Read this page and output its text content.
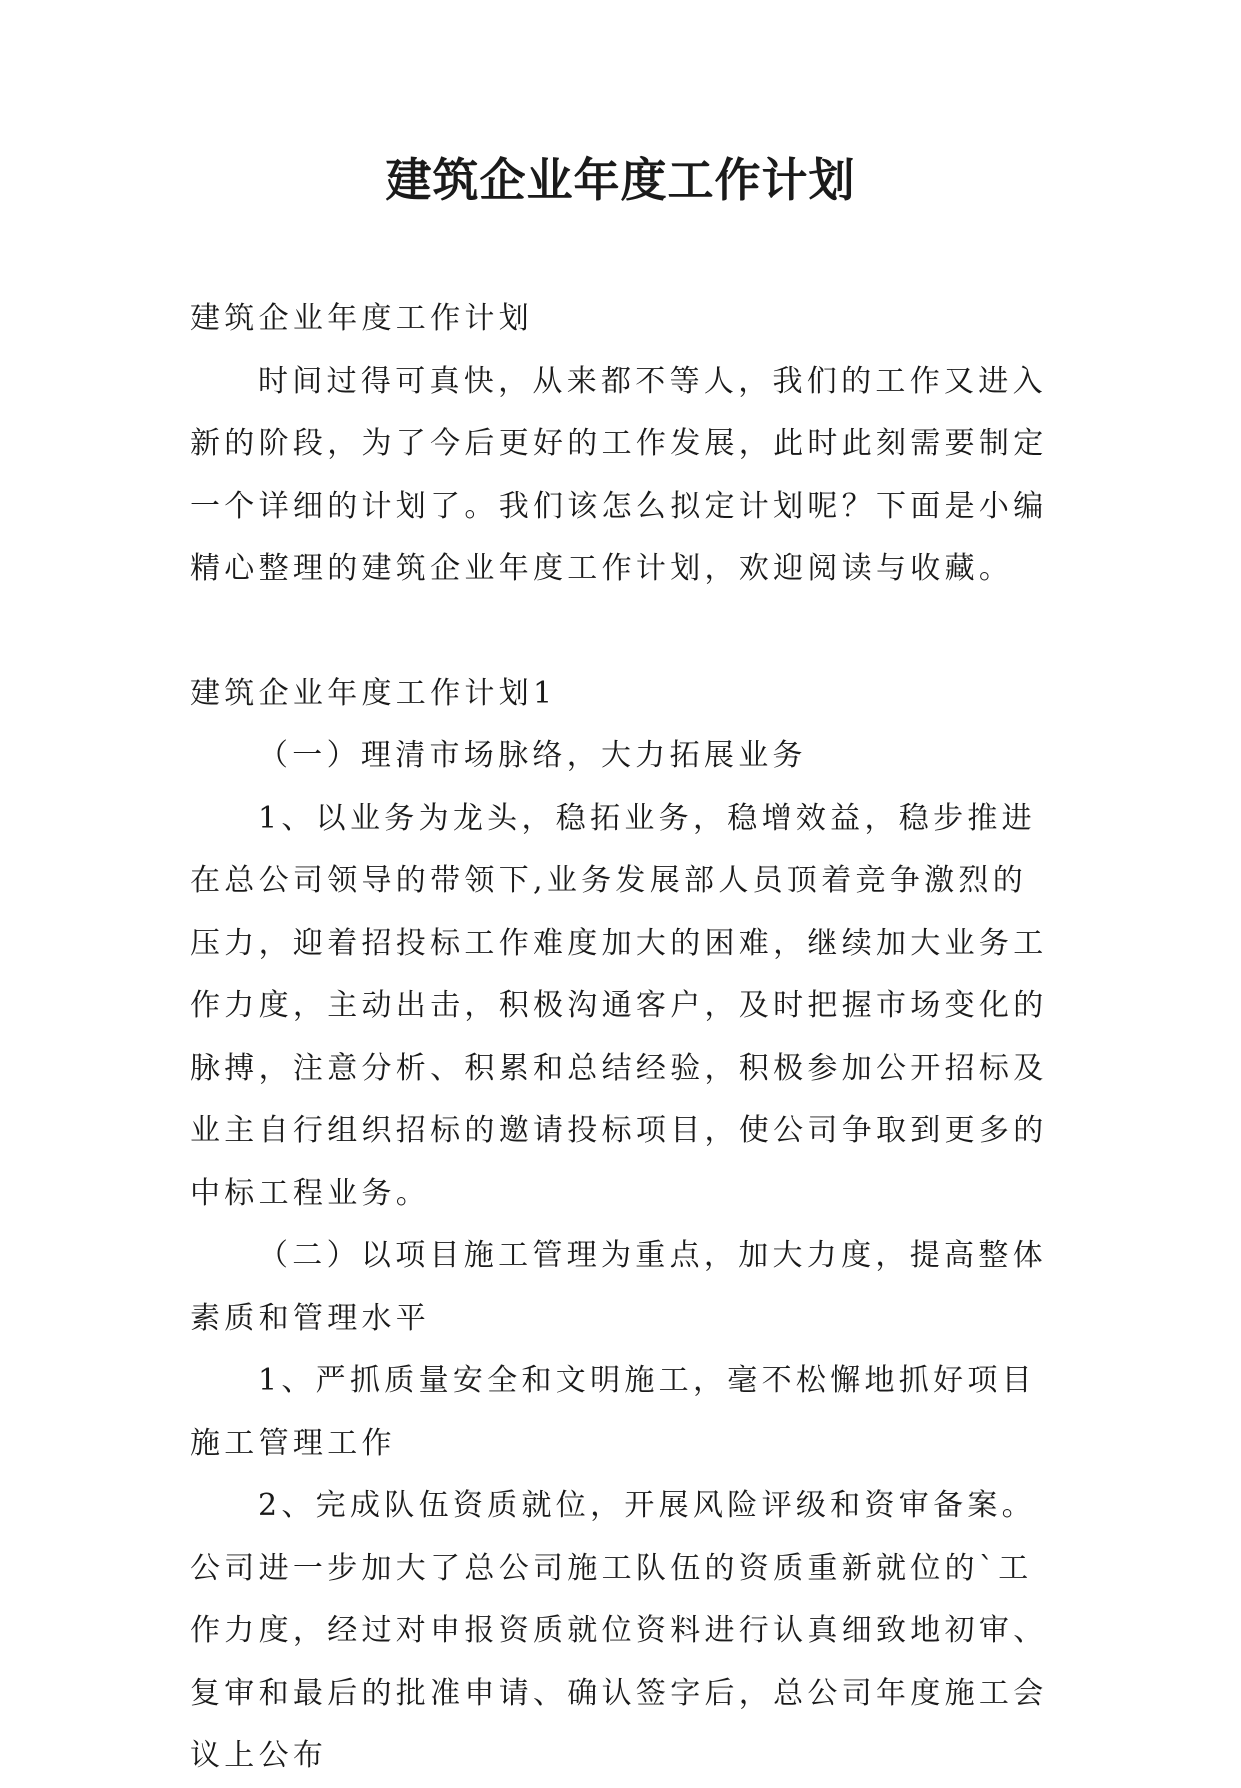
建筑企业年度工作计划

建筑企业年度工作计划

时间过得可真快，从来都不等人，我们的工作又进入新的阶段，为了今后更好的工作发展，此时此刻需要制定一个详细的计划了。我们该怎么拟定计划呢？下面是小编精心整理的建筑企业年度工作计划，欢迎阅读与收藏。

建筑企业年度工作计划1

（一）理清市场脉络，大力拓展业务

1、以业务为龙头，稳拓业务，稳增效益，稳步推进在总公司领导的带领下,业务发展部人员顶着竞争激烈的压力，迎着招投标工作难度加大的困难，继续加大业务工作力度，主动出击，积极沟通客户，及时把握市场变化的脉搏，注意分析、积累和总结经验，积极参加公开招标及业主自行组织招标的邀请投标项目，使公司争取到更多的中标工程业务。

（二）以项目施工管理为重点，加大力度，提高整体素质和管理水平

1、严抓质量安全和文明施工，毫不松懈地抓好项目施工管理工作

2、完成队伍资质就位，开展风险评级和资审备案。公司进一步加大了总公司施工队伍的资质重新就位的`工作力度，经过对申报资质就位资料进行认真细致地初审、复审和最后的批准申请、确认签字后，总公司年度施工会议上公布
